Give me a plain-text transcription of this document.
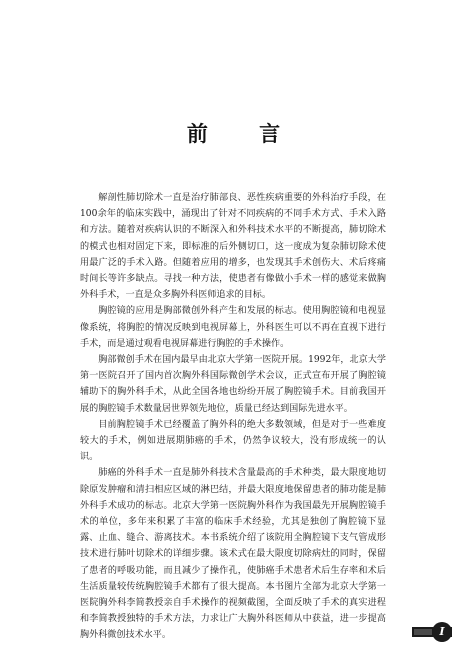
前 言

解剖性肺切除术一直是治疗肺部良、恶性疾病重要的外科治疗手段，在100余年的临床实践中，涌现出了针对不同疾病的不同手术方式、手术入路和方法。随着对疾病认识的不断深入和外科技术水平的不断提高，肺切除术的模式也相对固定下来，即标准的后外侧切口，这一度成为复杂肺切除术使用最广泛的手术入路。但随着应用的增多，也发现其手术创伤大、术后疼痛时间长等许多缺点。寻找一种方法，使患者有像做小手术一样的感觉来做胸外科手术，一直是众多胸外科医师追求的目标。

胸腔镜的应用是胸部微创外科产生和发展的标志。使用胸腔镜和电视显像系统，将胸腔的情况反映到电视屏幕上，外科医生可以不再在直视下进行手术，而是通过观看电视屏幕进行胸腔的手术操作。

胸部微创手术在国内最早由北京大学第一医院开展。1992年，北京大学第一医院召开了国内首次胸外科国际微创学术会议，正式宣布开展了胸腔镜辅助下的胸外科手术，从此全国各地也纷纷开展了胸腔镜手术。目前我国开展的胸腔镜手术数量居世界领先地位，质量已经达到国际先进水平。

目前胸腔镜手术已经覆盖了胸外科的绝大多数领域，但是对于一些难度较大的手术，例如进展期肺癌的手术，仍然争议较大，没有形成统一的认识。

肺癌的外科手术一直是肺外科技术含量最高的手术种类，最大限度地切除原发肿瘤和清扫相应区域的淋巴结，并最大限度地保留患者的肺功能是肺外科手术成功的标志。北京大学第一医院胸外科作为我国最先开展胸腔镜手术的单位，多年来积累了丰富的临床手术经验，尤其是独创了胸腔镜下显露、止血、缝合、游离技术。本书系统介绍了该院用全胸腔镜下支气管成形技术进行肺叶切除术的详细步骤。该术式在最大限度切除病灶的同时，保留了患者的呼吸功能，而且减少了操作孔，使肺癌手术患者术后生存率和术后生活质量较传统胸腔镜手术都有了很大提高。本书图片全部为北京大学第一医院胸外科李简教授亲自手术操作的视频截图，全面反映了手术的真实进程和李简教授独特的手术方法，力求让广大胸外科医师从中获益，进一步提高胸外科微创技术水平。	I
